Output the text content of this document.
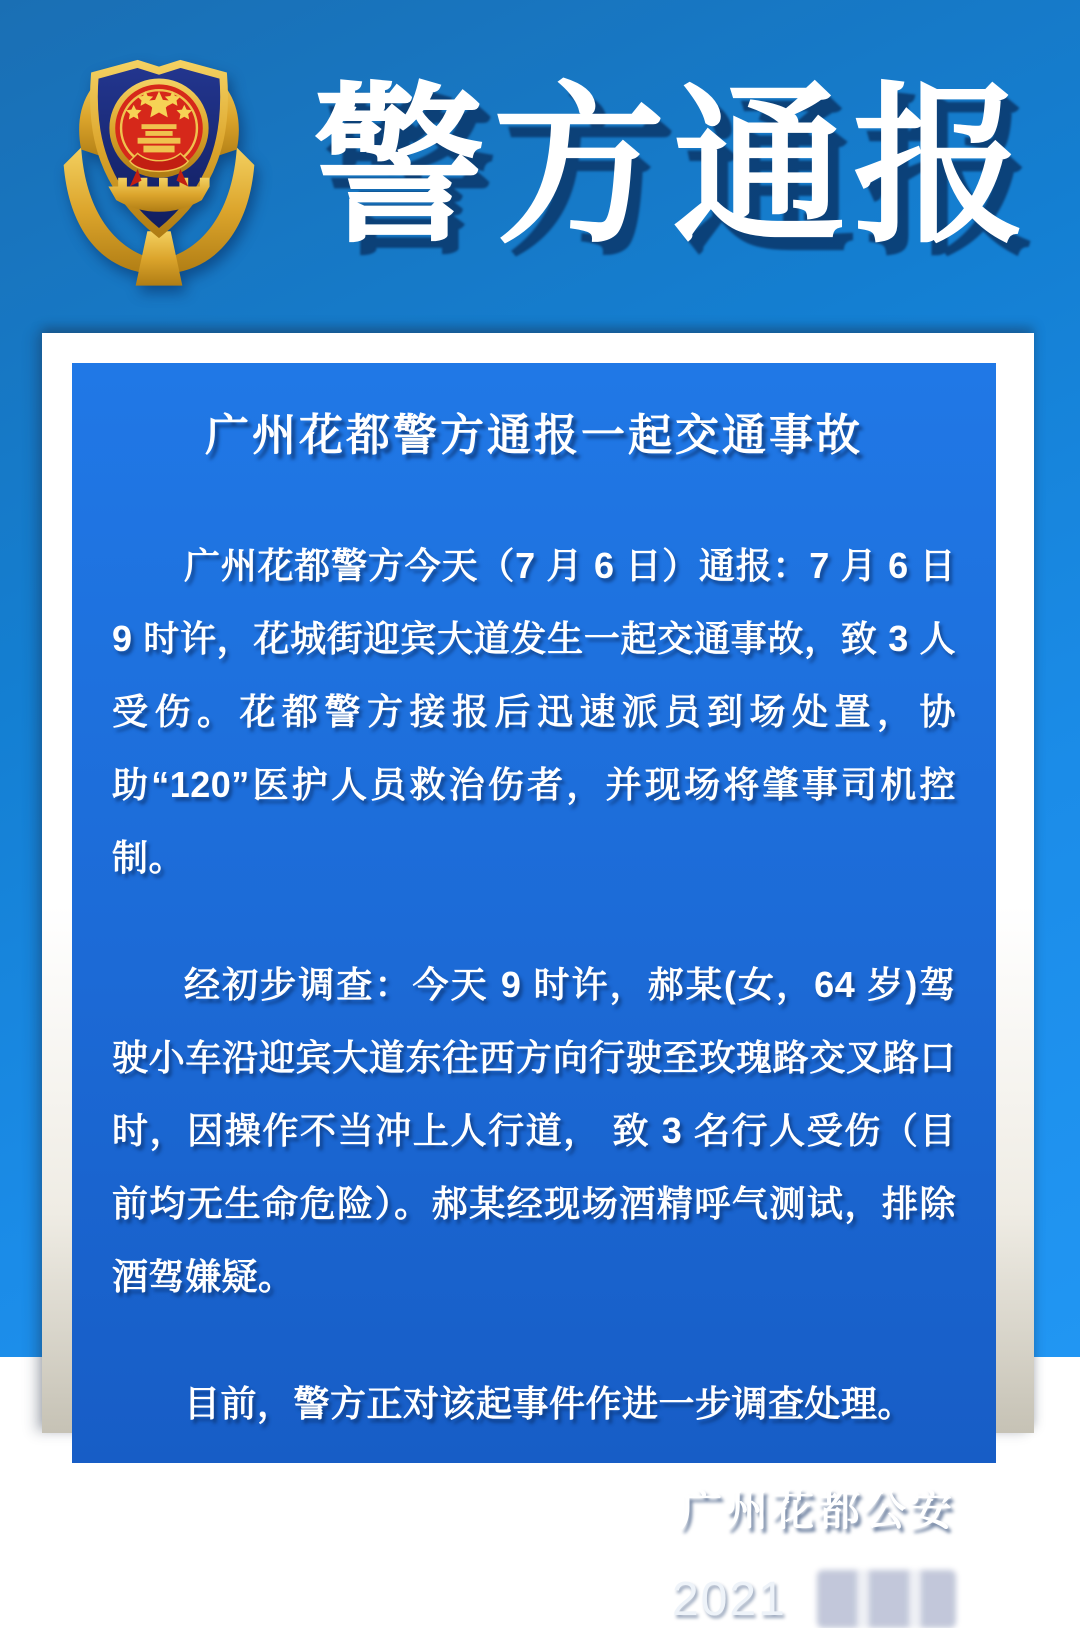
警方通报
广州花都警方通报一起交通事故

广州花都警方今天（7 月 6 日）通报：7 月 6 日 9 时许，花城街迎宾大道发生一起交通事故，致 3 人受伤。花都警方接报后迅速派员到场处置，协助“120”医护人员救治伤者，并现场将肇事司机控制。

经初步调查：今天 9 时许，郝某(女，64 岁)驾驶小车沿迎宾大道东往西方向行驶至玫瑰路交叉路口时，因操作不当冲上人行道， 致 3 名行人受伤（目前均无生命危险）。郝某经现场酒精呼气测试，排除酒驾嫌疑。

目前，警方正对该起事件作进一步调查处理。

广州花都公安
2021
